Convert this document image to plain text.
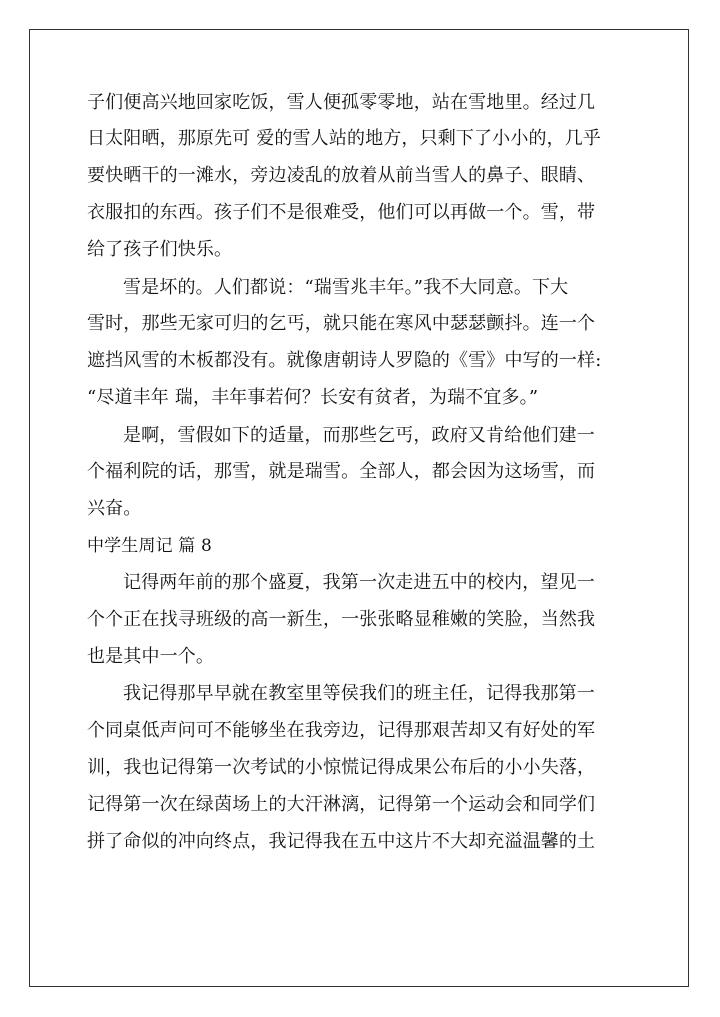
子们便高兴地回家吃饭，雪人便孤零零地，站在雪地里。经过几
日太阳晒，那原先可 爱的雪人站的地方，只剩下了小小的，几乎
要快晒干的一滩水，旁边凌乱的放着从前当雪人的鼻子、眼睛、
衣服扣的东西。孩子们不是很难受，他们可以再做一个。雪，带
给了孩子们快乐。
雪是坏的。人们都说：“瑞雪兆丰年。”我不大同意。下大
雪时，那些无家可归的乞丐，就只能在寒风中瑟瑟颤抖。连一个
遮挡风雪的木板都没有。就像唐朝诗人罗隐的《雪》中写的一样:
“尽道丰年 瑞，丰年事若何？长安有贫者，为瑞不宜多。”
是啊，雪假如下的适量，而那些乞丐，政府又肯给他们建一
个福利院的话，那雪，就是瑞雪。全部人，都会因为这场雪，而
兴奋。
中学生周记 篇 8
记得两年前的那个盛夏，我第一次走进五中的校内，望见一
个个正在找寻班级的高一新生，一张张略显稚嫩的笑脸，当然我
也是其中一个。
我记得那早早就在教室里等侯我们的班主任，记得我那第一
个同桌低声问可不能够坐在我旁边，记得那艰苦却又有好处的军
训，我也记得第一次考试的小惊慌记得成果公布后的小小失落，
记得第一次在绿茵场上的大汗淋漓，记得第一个运动会和同学们
拼了命似的冲向终点，我记得我在五中这片不大却充溢温馨的土
